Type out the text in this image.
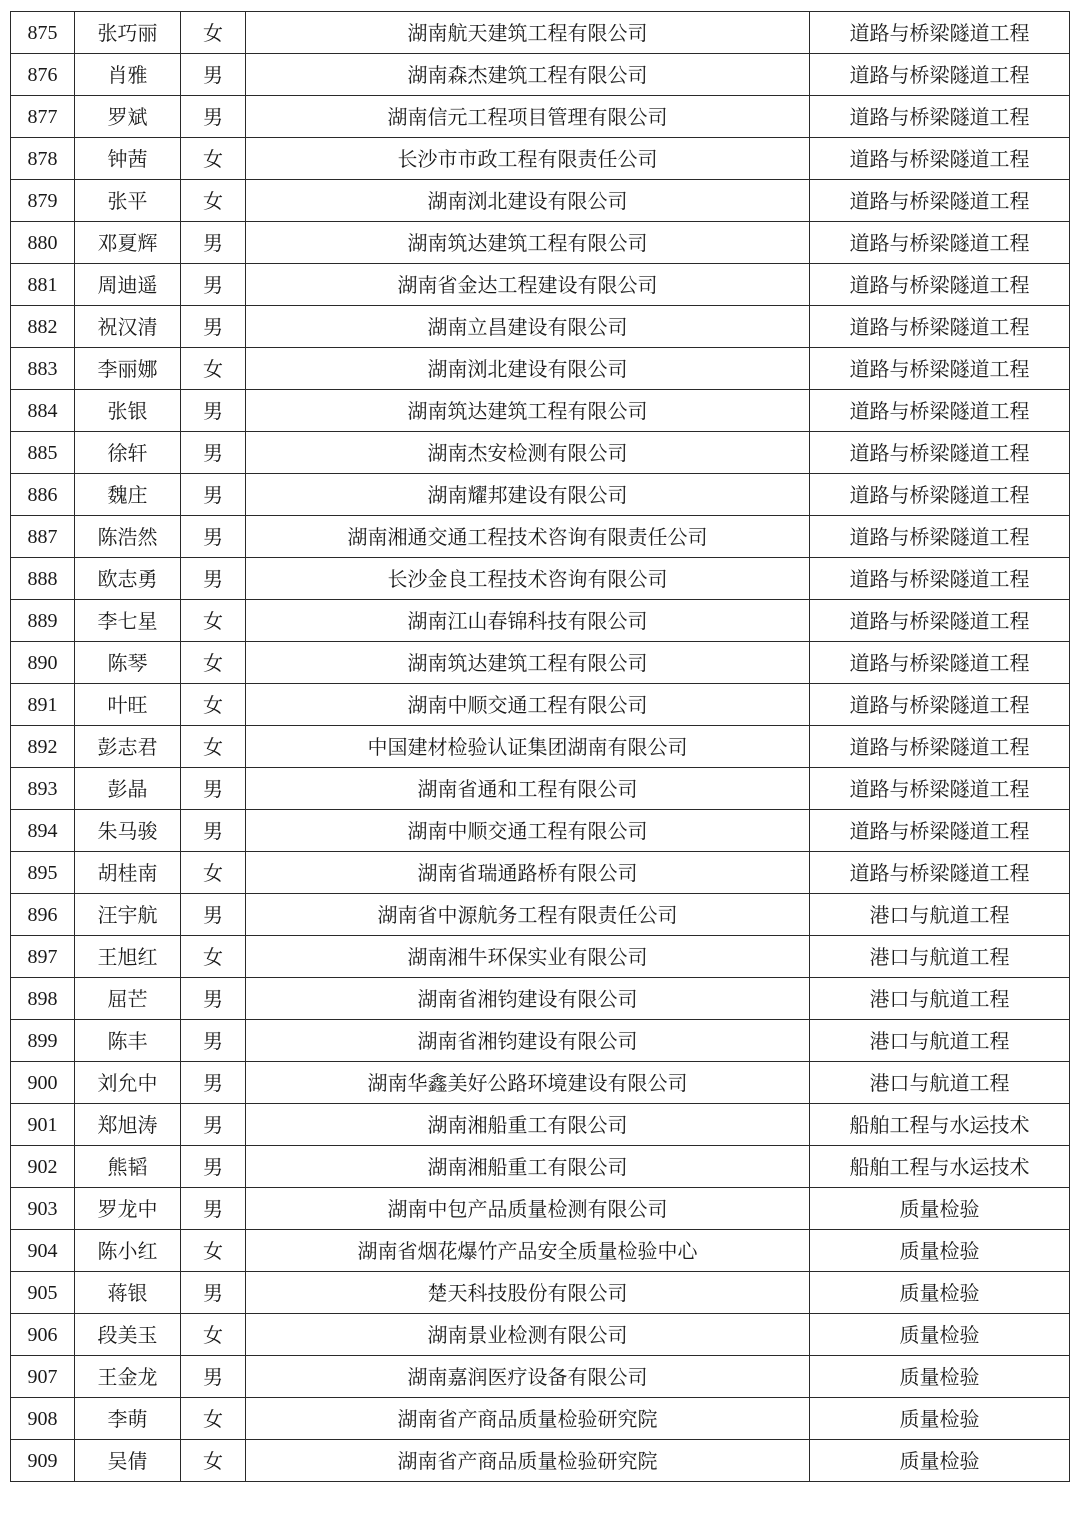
875	张巧丽	女	湖南航天建筑工程有限公司	道路与桥梁隧道工程
876	肖雅	男	湖南森杰建筑工程有限公司	道路与桥梁隧道工程
877	罗斌	男	湖南信元工程项目管理有限公司	道路与桥梁隧道工程
878	钟茜	女	长沙市市政工程有限责任公司	道路与桥梁隧道工程
879	张平	女	湖南浏北建设有限公司	道路与桥梁隧道工程
880	邓夏辉	男	湖南筑达建筑工程有限公司	道路与桥梁隧道工程
881	周迪遥	男	湖南省金达工程建设有限公司	道路与桥梁隧道工程
882	祝汉清	男	湖南立昌建设有限公司	道路与桥梁隧道工程
883	李丽娜	女	湖南浏北建设有限公司	道路与桥梁隧道工程
884	张银	男	湖南筑达建筑工程有限公司	道路与桥梁隧道工程
885	徐轩	男	湖南杰安检测有限公司	道路与桥梁隧道工程
886	魏庄	男	湖南耀邦建设有限公司	道路与桥梁隧道工程
887	陈浩然	男	湖南湘通交通工程技术咨询有限责任公司	道路与桥梁隧道工程
888	欧志勇	男	长沙金良工程技术咨询有限公司	道路与桥梁隧道工程
889	李七星	女	湖南江山春锦科技有限公司	道路与桥梁隧道工程
890	陈琴	女	湖南筑达建筑工程有限公司	道路与桥梁隧道工程
891	叶旺	女	湖南中顺交通工程有限公司	道路与桥梁隧道工程
892	彭志君	女	中国建材检验认证集团湖南有限公司	道路与桥梁隧道工程
893	彭晶	男	湖南省通和工程有限公司	道路与桥梁隧道工程
894	朱马骏	男	湖南中顺交通工程有限公司	道路与桥梁隧道工程
895	胡桂南	女	湖南省瑞通路桥有限公司	道路与桥梁隧道工程
896	汪宇航	男	湖南省中源航务工程有限责任公司	港口与航道工程
897	王旭红	女	湖南湘牛环保实业有限公司	港口与航道工程
898	屈芒	男	湖南省湘钧建设有限公司	港口与航道工程
899	陈丰	男	湖南省湘钧建设有限公司	港口与航道工程
900	刘允中	男	湖南华鑫美好公路环境建设有限公司	港口与航道工程
901	郑旭涛	男	湖南湘船重工有限公司	船舶工程与水运技术
902	熊韬	男	湖南湘船重工有限公司	船舶工程与水运技术
903	罗龙中	男	湖南中包产品质量检测有限公司	质量检验
904	陈小红	女	湖南省烟花爆竹产品安全质量检验中心	质量检验
905	蒋银	男	楚天科技股份有限公司	质量检验
906	段美玉	女	湖南景业检测有限公司	质量检验
907	王金龙	男	湖南嘉润医疗设备有限公司	质量检验
908	李萌	女	湖南省产商品质量检验研究院	质量检验
909	吴倩	女	湖南省产商品质量检验研究院	质量检验
